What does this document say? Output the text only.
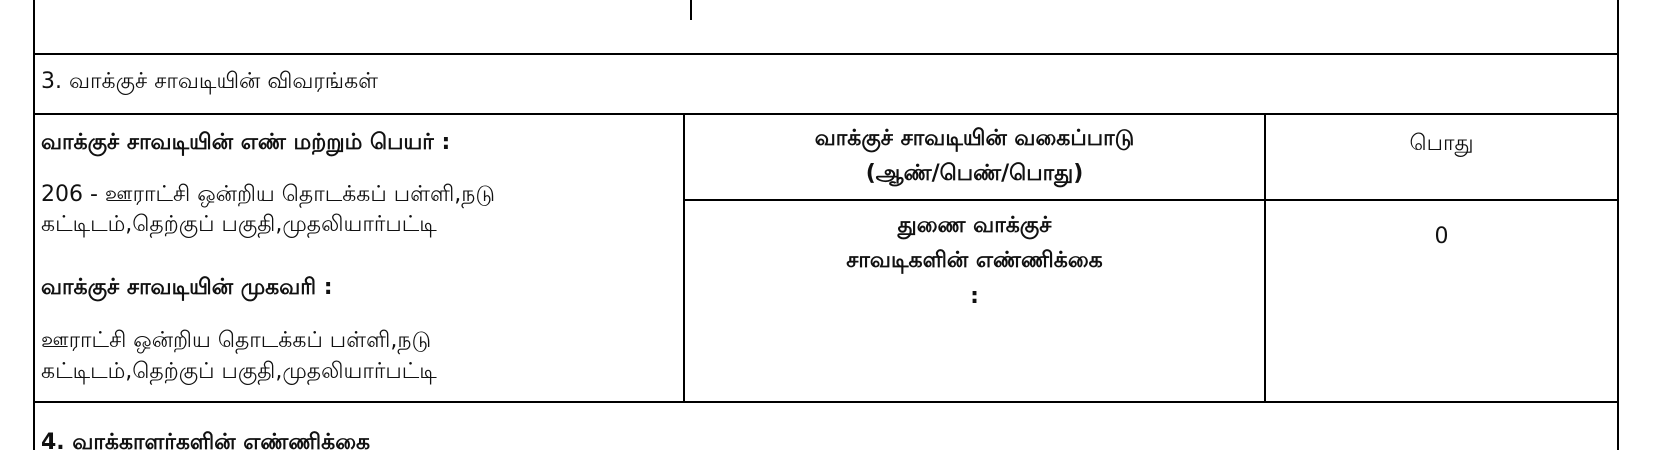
3. வாக்குச் சாவடியின் விவரங்கள்
வாக்குச் சாவடியின் எண் மற்றும் பெயர் :
206 - ஊராட்சி ஒன்றிய தொடக்கப் பள்ளி,நடு
கட்டிடம்,தெற்குப் பகுதி,முதலியார்பட்டி
வாக்குச் சாவடியின் முகவரி :
ஊராட்சி ஒன்றிய தொடக்கப் பள்ளி,நடு
கட்டிடம்,தெற்குப் பகுதி,முதலியார்பட்டி
வாக்குச் சாவடியின் வகைப்பாடு
(ஆண்/பெண்/பொது)
பொது
துணை வாக்குச்
சாவடிகளின் எண்ணிக்கை
:
0
4. வாக்காளர்களின் எண்ணிக்கை
